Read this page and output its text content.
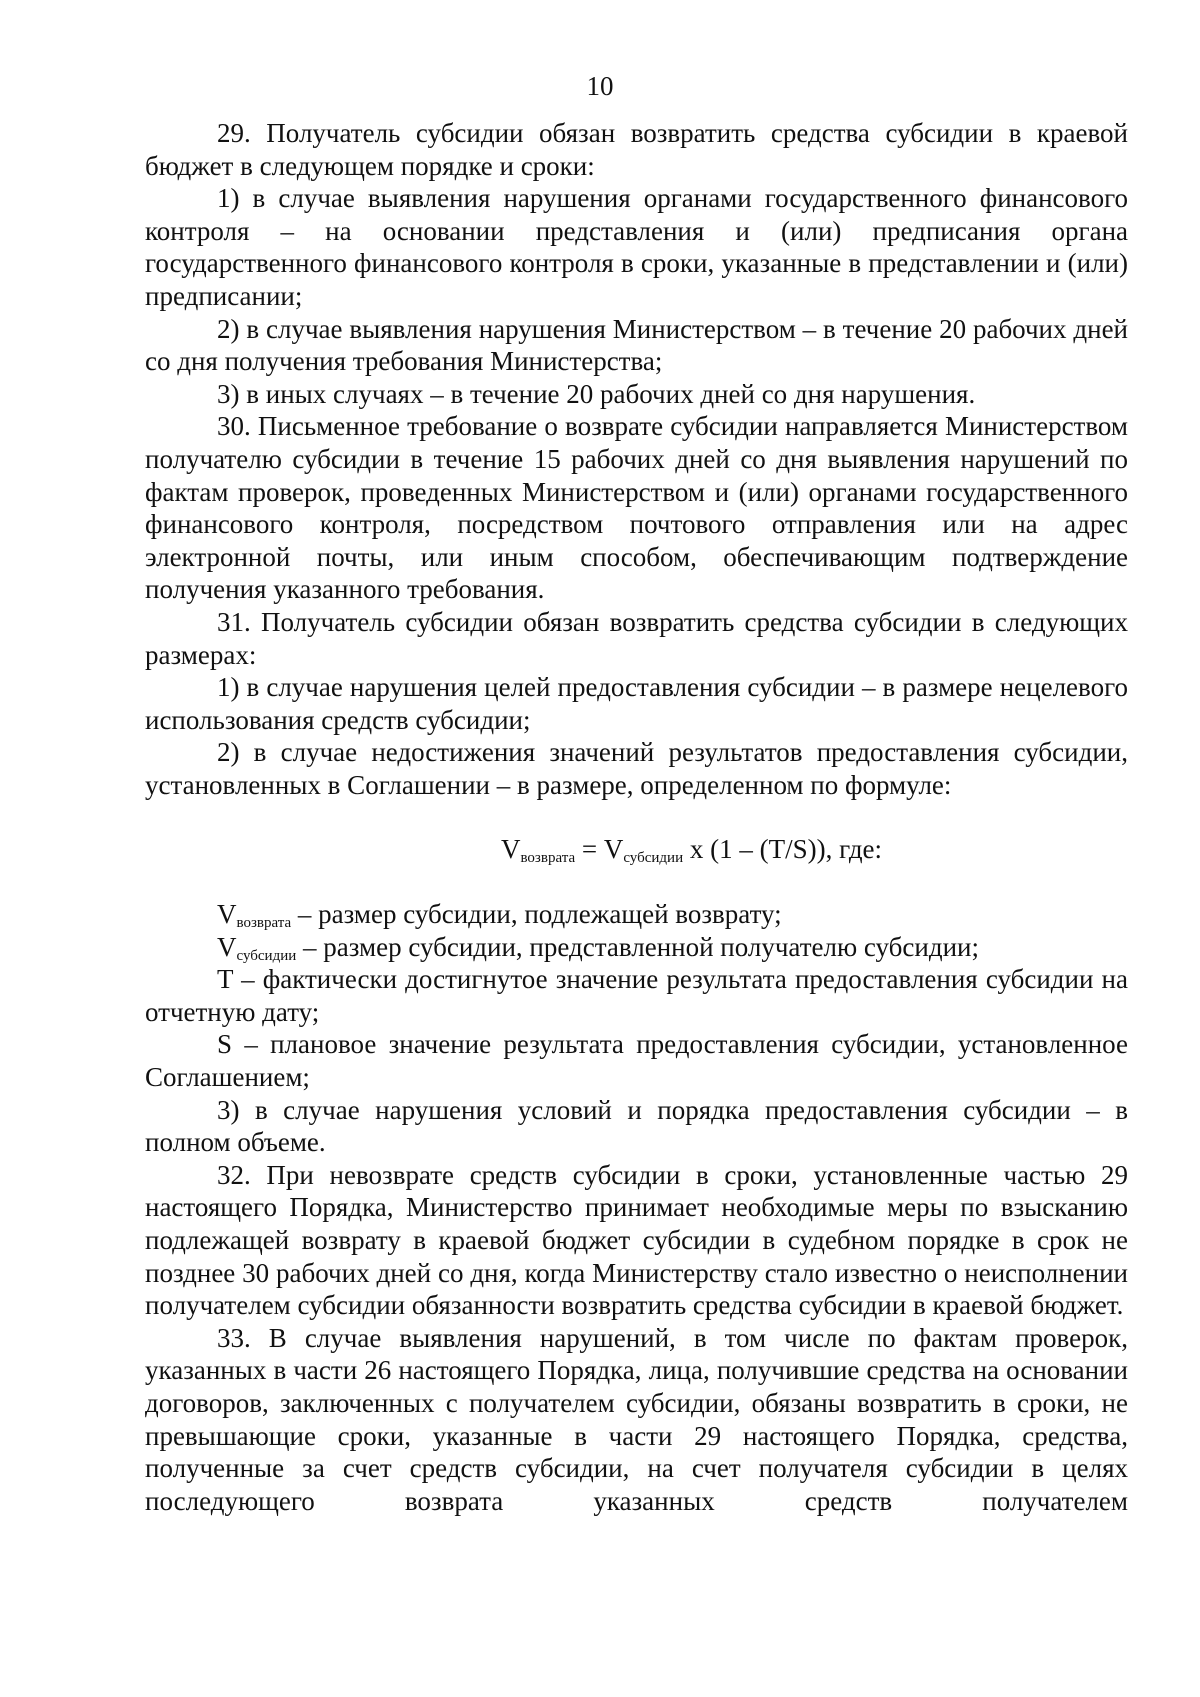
10

29. Получатель субсидии обязан возвратить средства субсидии в краевой бюджет в следующем порядке и сроки:

1) в случае выявления нарушения органами государственного финансового контроля – на основании представления и (или) предписания органа государственного финансового контроля в сроки, указанные в представлении и (или) предписании;

2) в случае выявления нарушения Министерством – в течение 20 рабочих дней со дня получения требования Министерства;

3) в иных случаях – в течение 20 рабочих дней со дня нарушения.

30. Письменное требование о возврате субсидии направляется Министерством получателю субсидии в течение 15 рабочих дней со дня выявления нарушений по фактам проверок, проведенных Министерством и (или) органами государственного финансового контроля, посредством почтового отправления или на адрес электронной почты, или иным способом, обеспечивающим подтверждение получения указанного требования.

31. Получатель субсидии обязан возвратить средства субсидии в следующих размерах:

1) в случае нарушения целей предоставления субсидии – в размере нецелевого использования средств субсидии;

2) в случае недостижения значений результатов предоставления субсидии, установленных в Соглашении – в размере, определенном по формуле:

$V_{возврата} = V_{субсидии}$ x (1 – (T/S)), где:

$V_{возврата}$ – размер субсидии, подлежащей возврату;

$V_{субсидии}$ – размер субсидии, представленной получателю субсидии;

T – фактически достигнутое значение результата предоставления субсидии на отчетную дату;

S – плановое значение результата предоставления субсидии, установленное Соглашением;

3) в случае нарушения условий и порядка предоставления субсидии – в полном объеме.

32. При невозврате средств субсидии в сроки, установленные частью 29 настоящего Порядка, Министерство принимает необходимые меры по взысканию подлежащей возврату в краевой бюджет субсидии в судебном порядке в срок не позднее 30 рабочих дней со дня, когда Министерству стало известно о неисполнении получателем субсидии обязанности возвратить средства субсидии в краевой бюджет.

33. В случае выявления нарушений, в том числе по фактам проверок, указанных в части 26 настоящего Порядка, лица, получившие средства на основании договоров, заключенных с получателем субсидии, обязаны возвратить в сроки, не превышающие сроки, указанные в части 29 настоящего Порядка, средства, полученные за счет средств субсидии, на счет получателя субсидии в целях последующего возврата указанных средств получателем
